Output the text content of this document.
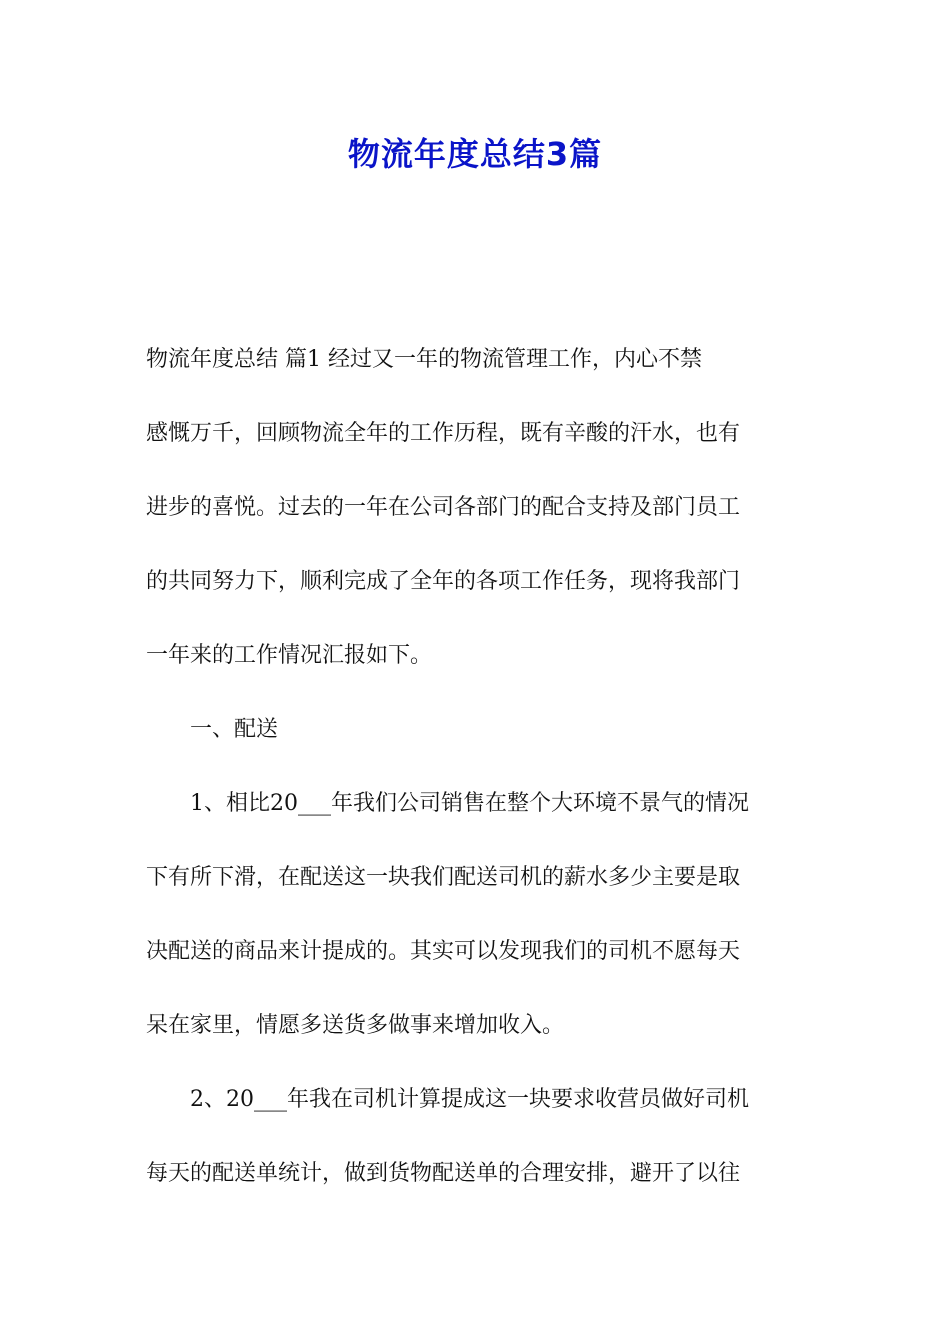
物流年度总结3篇
物流年度总结 篇1 经过又一年的物流管理工作，内心不禁
感慨万千，回顾物流全年的工作历程，既有辛酸的汗水，也有
进步的喜悦。过去的一年在公司各部门的配合支持及部门员工
的共同努力下，顺利完成了全年的各项工作任务，现将我部门
一年来的工作情况汇报如下。
一、配送
1、相比20___年我们公司销售在整个大环境不景气的情况
下有所下滑，在配送这一块我们配送司机的薪水多少主要是取
决配送的商品来计提成的。其实可以发现我们的司机不愿每天
呆在家里，情愿多送货多做事来增加收入。
2、20___年我在司机计算提成这一块要求收营员做好司机
每天的配送单统计，做到货物配送单的合理安排，避开了以往
